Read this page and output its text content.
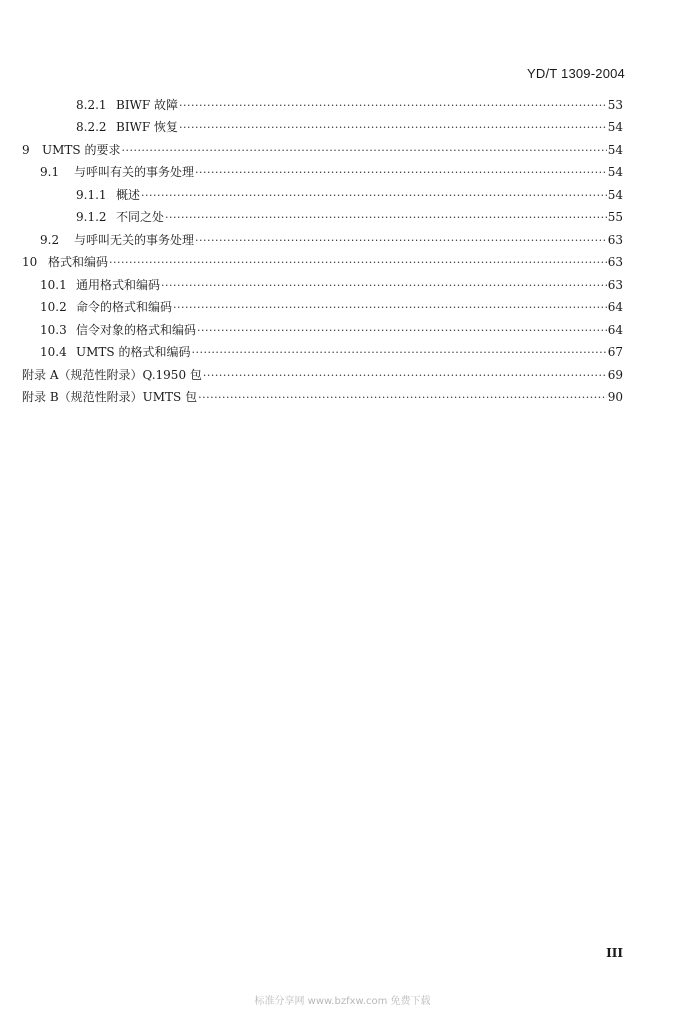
YD/T 1309-2004
8.2.1 BIWF 故障 ·····	53
8.2.2 BIWF 恢复 ·····	54
9	UMTS 的要求 ·····	54
9.1	与呼叫有关的事务处理 ·····	54
9.1.1 概述 ·····	54
9.1.2 不同之处 ·····	55
9.2	与呼叫无关的事务处理 ·····	63
10 格式和编码 ·····	63
10.1 通用格式和编码 ·····	63
10.2 命令的格式和编码 ·····	64
10.3 信令对象的格式和编码 ·····	64
10.4 UMTS 的格式和编码 ·····	67
附录 A（规范性附录）Q.1950 包 ·····	69
附录 B（规范性附录）UMTS 包 ·····	90
III
标准分享网 www.bzfxw.com 免费下载
